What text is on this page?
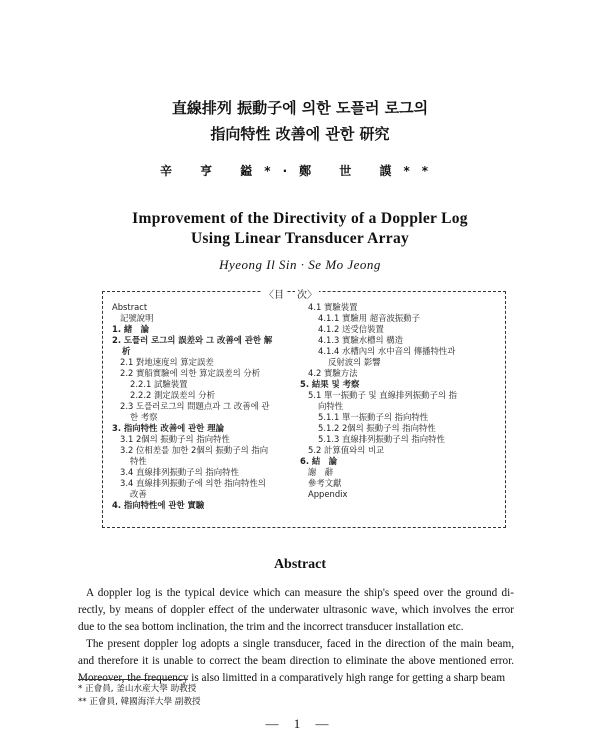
直線排列 振動子에 의한 도플러 로그의
指向特性 改善에 관한 研究
辛 亨 鎰*·鄭 世 謨**
Improvement of the Directivity of a Doppler Log
Using Linear Transducer Array
Hyeong Il Sin · Se Mo Jeong
〈目 次〉
Abstract
記號說明
1. 緒　論
2. 도플러 로그의 誤差와 그 改善에 관한 解
析
2.1 對地速度의 算定誤差
2.2 實船實驗에 의한 算定誤差의 分析
2.2.1 試驗裝置
2.2.2 測定誤差의 分析
2.3 도플러로그의 問題点과 그 改善에 관
한 考察
3. 指向特性 改善에 관한 理論
3.1 2個의 振動子의 指向特性
3.2 位相差를 加한 2個의 振動子의 指向
特性
3.4 直線排列振動子의 指向特性
3.4 直線排列振動子에 의한 指向特性의
改善
4. 指向特性에 관한 實驗
4.1 實驗裝置
4.1.1 實驗用 超音波振動子
4.1.2 送受信裝置
4.1.3 實驗水槽의 構造
4.1.4 水槽內의 水中音의 傳播特性과
反射波의 影響
4.2 實驗方法
5. 結果 및 考察
5.1 單一振動子 및 直線排列振動子의 指
向特性
5.1.1 單一振動子의 指向特性
5.1.2 2個의 振動子의 指向特性
5.1.3 直線排列振動子의 指向特性
5.2 計算值와의 비교
6. 結　論
謝　辭
參考文獻
Appendix
Abstract

A doppler log is the typical device which can measure the ship's speed over the ground di-

rectly, by means of doppler effect of the underwater ultrasonic wave, which involves the error

due to the sea bottom inclination, the trim and the incorrect transducer installation etc.

The present doppler log adopts a single transducer, faced in the direction of the main beam,

and therefore it is unable to correct the beam direction to eliminate the above mentioned error.

Moreover, the frequency is also limitted in a comparatively high range for getting a sharp beam

* 正會員, 釜山水産大學 助教授
** 正會員, 韓國海洋大學 副教授
— 1 —
